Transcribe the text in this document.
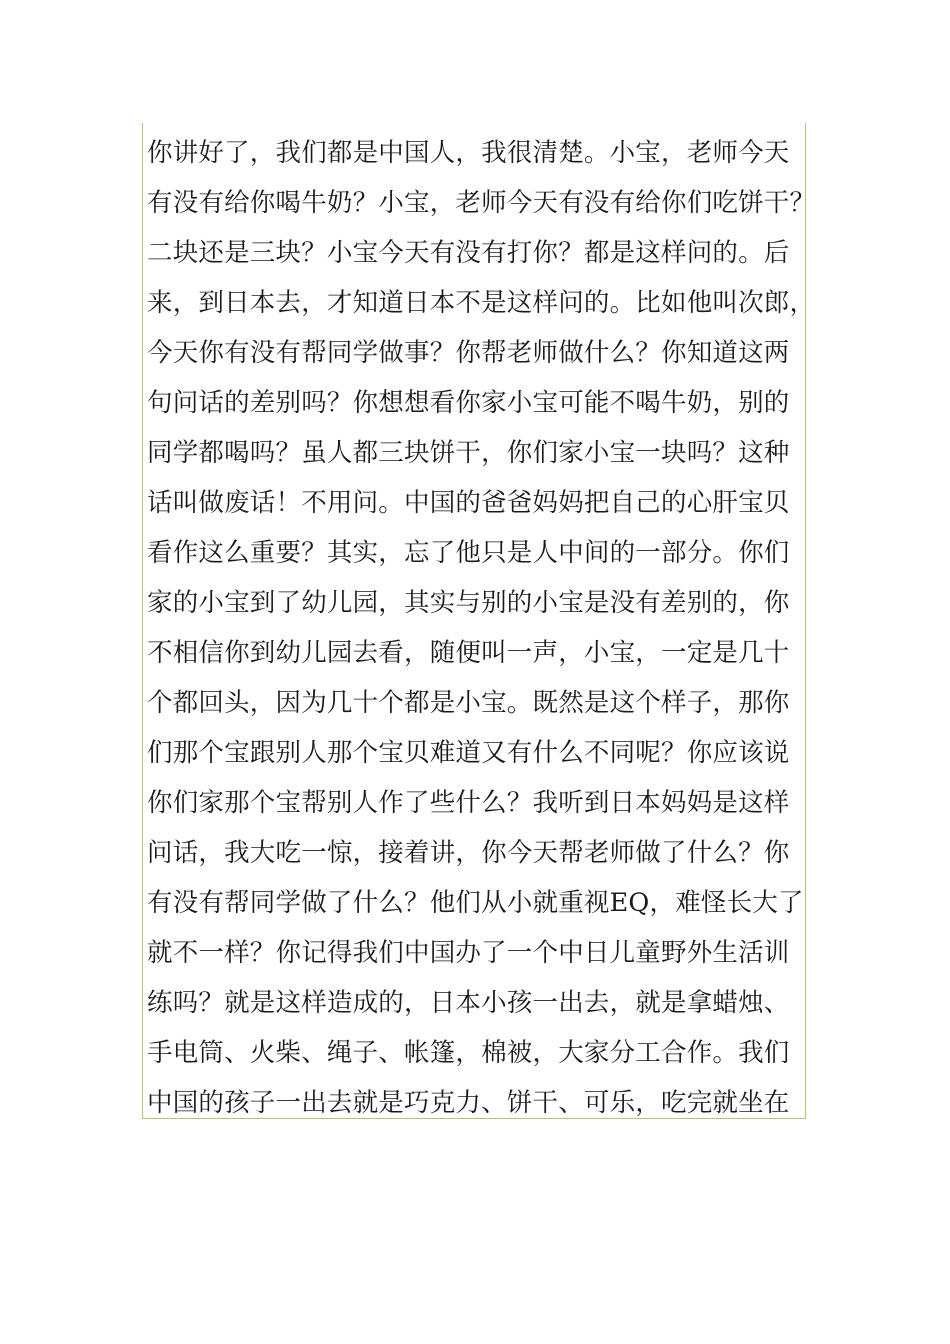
你讲好了，我们都是中国人，我很清楚。小宝，老师今天
有没有给你喝牛奶？小宝，老师今天有没有给你们吃饼干？
二块还是三块？小宝今天有没有打你？都是这样问的。后
来，到日本去，才知道日本不是这样问的。比如他叫次郎，
今天你有没有帮同学做事？你帮老师做什么？你知道这两
句问话的差别吗？你想想看你家小宝可能不喝牛奶，别的
同学都喝吗？虽人都三块饼干，你们家小宝一块吗？这种
话叫做废话！不用问。中国的爸爸妈妈把自己的心肝宝贝
看作这么重要？其实，忘了他只是人中间的一部分。你们
家的小宝到了幼儿园，其实与别的小宝是没有差别的，你
不相信你到幼儿园去看，随便叫一声，小宝，一定是几十
个都回头，因为几十个都是小宝。既然是这个样子，那你
们那个宝跟别人那个宝贝难道又有什么不同呢？你应该说
你们家那个宝帮别人作了些什么？我听到日本妈妈是这样
问话，我大吃一惊，接着讲，你今天帮老师做了什么？你
有没有帮同学做了什么？他们从小就重视EQ，难怪长大了
就不一样？你记得我们中国办了一个中日儿童野外生活训
练吗？就是这样造成的，日本小孩一出去，就是拿蜡烛、
手电筒、火柴、绳子、帐篷，棉被，大家分工合作。我们
中国的孩子一出去就是巧克力、饼干、可乐，吃完就坐在
